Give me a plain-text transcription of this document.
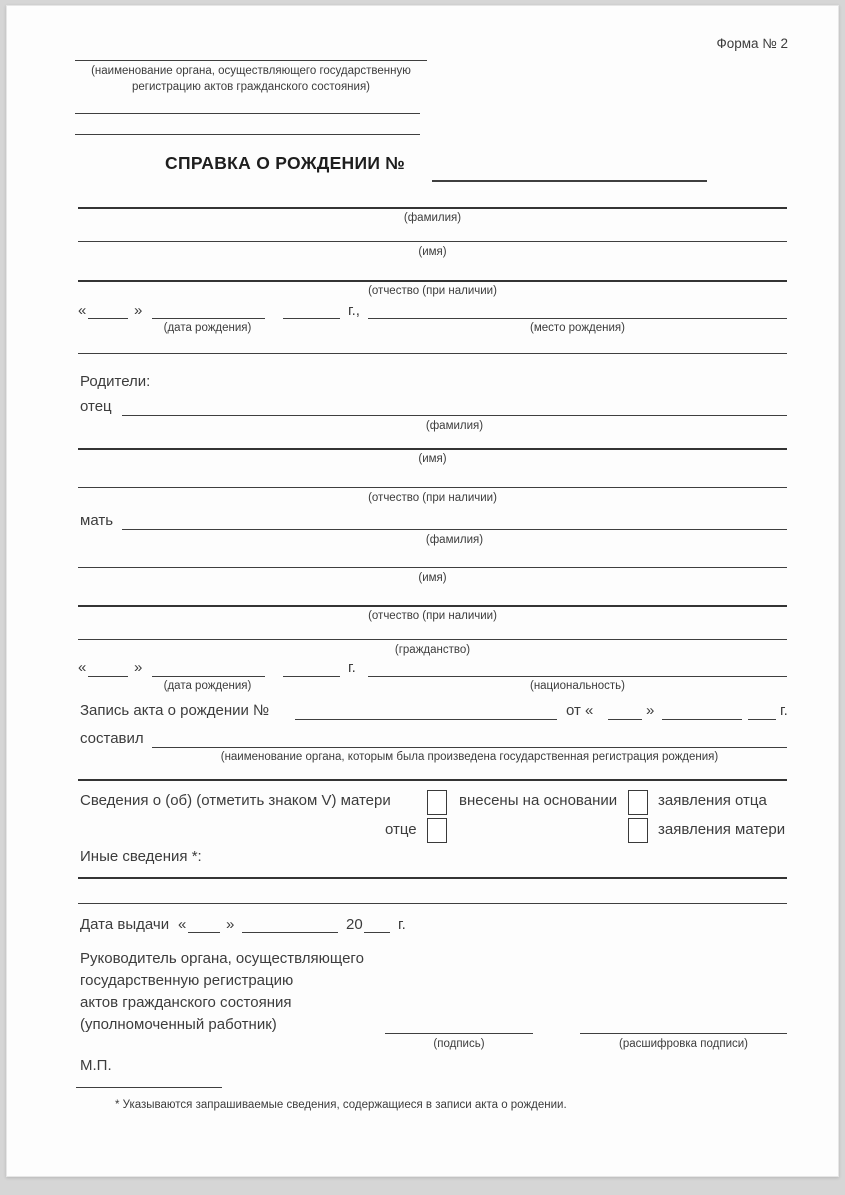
Форма № 2
(наименование органа, осуществляющего государственную
регистрацию актов гражданского состояния)
СПРАВКА О РОЖДЕНИИ №
(фамилия)
(имя)
(отчество (при наличии)
«	»	г.,
(дата рождения)	(место рождения)
Родители:
отец
(фамилия)
(имя)
(отчество (при наличии)
мать
(фамилия)
(имя)
(отчество (при наличии)
(гражданство)
«	»	г.
(дата рождения)	(национальность)
Запись акта о рождении №	от «	»	г.
составил
(наименование органа, которым была произведена государственная регистрация рождения)
Сведения о (об) (отметить знаком V) матери	внесены на основании	заявления отца
отце	заявления матери
Иные сведения *:
Дата выдачи «	»	20 г.
Руководитель органа, осуществляющего
государственную регистрацию
актов гражданского состояния
(уполномоченный работник)
(подпись)	(расшифровка подписи)
М.П.
* Указываются запрашиваемые сведения, содержащиеся в записи акта о рождении.
